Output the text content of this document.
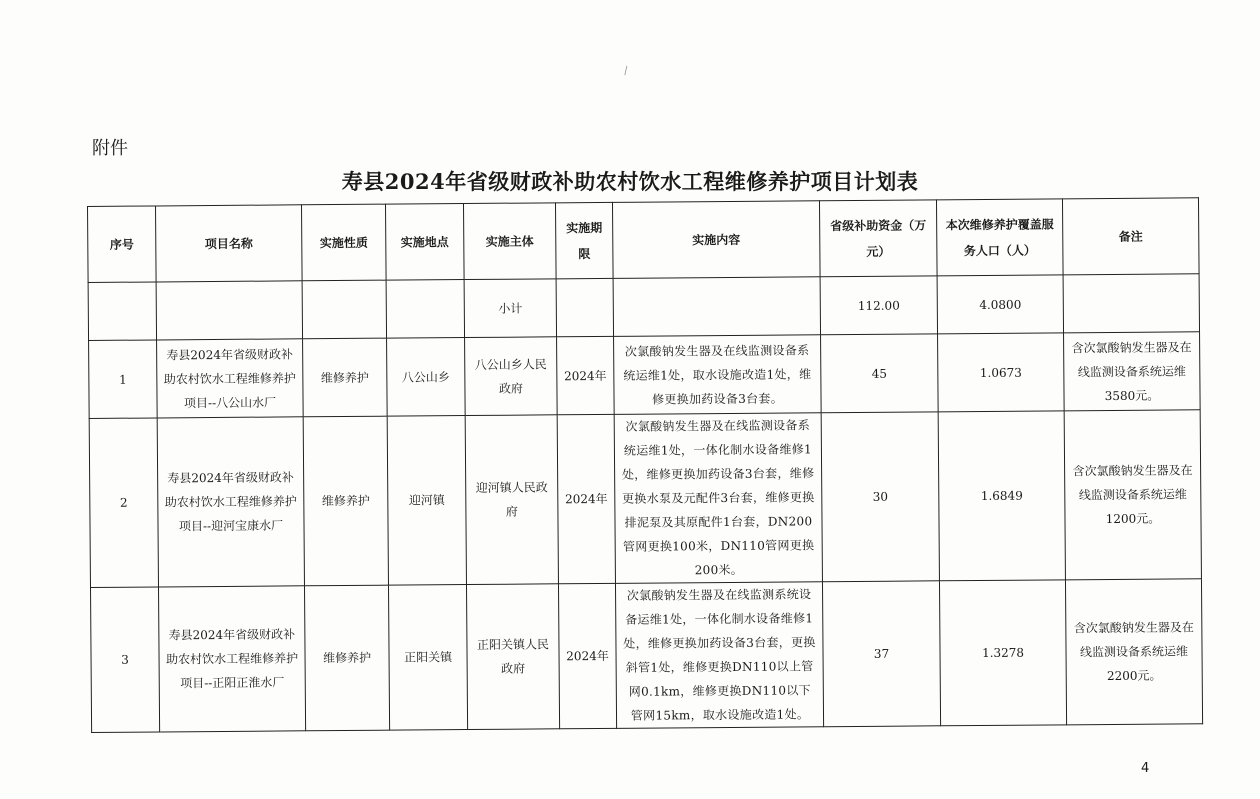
\
附件
寿县2024年省级财政补助农村饮水工程维修养护项目计划表
序号	项目名称	实施性质	实施地点	实施主体	实施期限	实施内容	省级补助资金（万元）	本次维修养护覆盖服务人口（人）	备注
				小计			112.00	4.0800	
1	寿县2024年省级财政补助农村饮水工程维修养护项目--八公山水厂	维修养护	八公山乡	八公山乡人民政府	2024年	次氯酸钠发生器及在线监测设备系统运维1处，取水设施改造1处，维修更换加药设备3台套。	45	1.0673	含次氯酸钠发生器及在线监测设备系统运维3580元。
2	寿县2024年省级财政补助农村饮水工程维修养护项目--迎河宝康水厂	维修养护	迎河镇	迎河镇人民政府	2024年	次氯酸钠发生器及在线监测设备系统运维1处，一体化制水设备维修1处，维修更换加药设备3台套，维修更换水泵及元配件3台套，维修更换排泥泵及其原配件1台套，DN200管网更换100米，DN110管网更换200米。	30	1.6849	含次氯酸钠发生器及在线监测设备系统运维1200元。
3	寿县2024年省级财政补助农村饮水工程维修养护项目--正阳正淮水厂	维修养护	正阳关镇	正阳关镇人民政府	2024年	次氯酸钠发生器及在线监测系统设备运维1处，一体化制水设备维修1处，维修更换加药设备3台套，更换斜管1处，维修更换DN110以上管网0.1km，维修更换DN110以下管网15km，取水设施改造1处。	37	1.3278	含次氯酸钠发生器及在线监测设备系统运维2200元。
4
